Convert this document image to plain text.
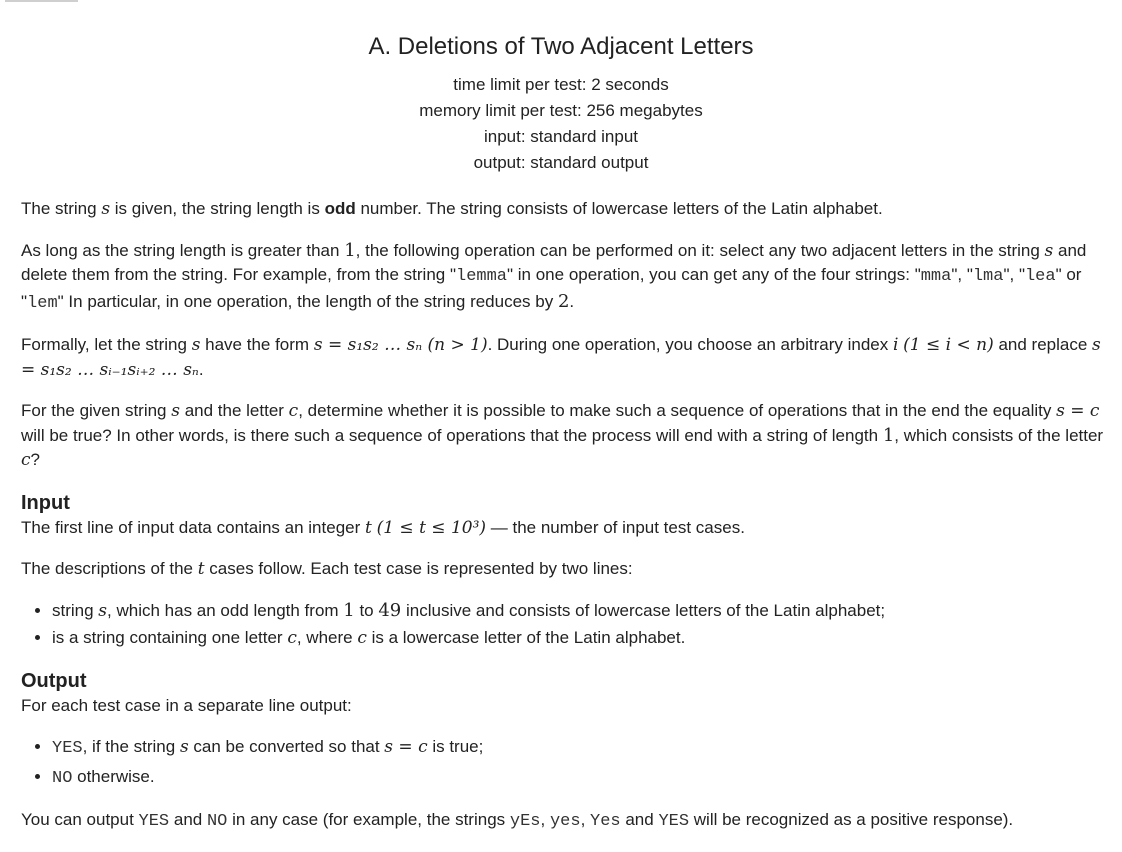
A. Deletions of Two Adjacent Letters
time limit per test: 2 seconds
memory limit per test: 256 megabytes
input: standard input
output: standard output

The string s is given, the string length is odd number. The string consists of lowercase letters of the Latin alphabet.

As long as the string length is greater than 1, the following operation can be performed on it: select any two adjacent letters in the string s and delete them from the string. For example, from the string "lemma" in one operation, you can get any of the four strings: "mma", "lma", "lea" or "lem" In particular, in one operation, the length of the string reduces by 2.

Formally, let the string s have the form s = s₁s₂ … sₙ (n > 1). During one operation, you choose an arbitrary index i (1 ≤ i < n) and replace s = s₁s₂ … sᵢ₋₁sᵢ₊₂ … sₙ.

For the given string s and the letter c, determine whether it is possible to make such a sequence of operations that in the end the equality s = c will be true? In other words, is there such a sequence of operations that the process will end with a string of length 1, which consists of the letter c?

Input

The first line of input data contains an integer t (1 ≤ t ≤ 10³) — the number of input test cases.

The descriptions of the t cases follow. Each test case is represented by two lines:

• string s, which has an odd length from 1 to 49 inclusive and consists of lowercase letters of the Latin alphabet;
• is a string containing one letter c, where c is a lowercase letter of the Latin alphabet.
Output

For each test case in a separate line output:

• YES, if the string s can be converted so that s = c is true;
• NO otherwise.

You can output YES and NO in any case (for example, the strings yEs, yes, Yes and YES will be recognized as a positive response).
